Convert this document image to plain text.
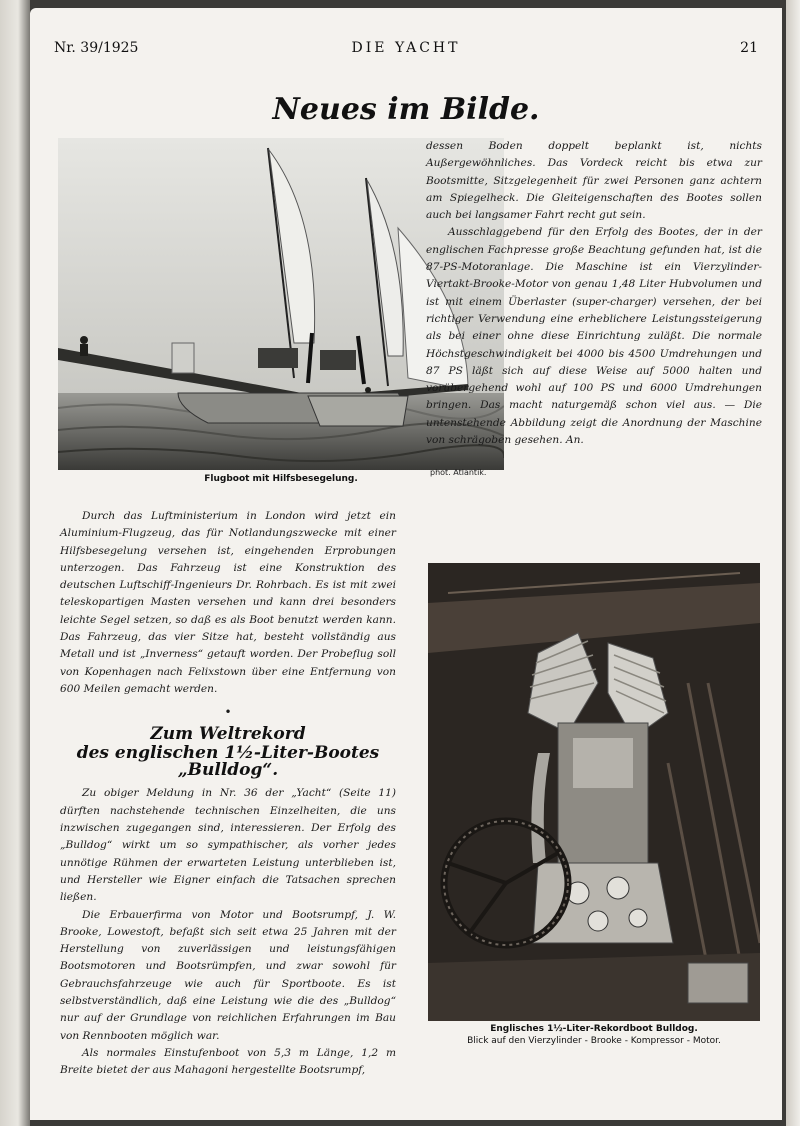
Nr. 39/1925	DIE YACHT	21
Neues im Bilde.
Flugboot mit Hilfsbesegelung.
phot. Atlantik.

Durch das Luftministerium in London wird jetzt ein Aluminium-Flugzeug, das für Notlandungszwecke mit einer Hilfsbesegelung versehen ist, eingehenden Erprobungen unterzogen. Das Fahrzeug ist eine Konstruktion des deutschen Luftschiff-Ingenieurs Dr. Rohrbach. Es ist mit zwei teleskopartigen Masten versehen und kann drei besonders leichte Segel setzen, so daß es als Boot benutzt werden kann. Das Fahrzeug, das vier Sitze hat, besteht vollständig aus Metall und ist „Inverness“ getauft worden. Der Probeflug soll von Kopenhagen nach Felixstown über eine Entfernung von 600 Meilen gemacht werden.

•
Zum Weltrekord
des englischen 1½-Liter-Bootes „Bulldog“.

Zu obiger Meldung in Nr. 36 der „Yacht“ (Seite 11) dürften nachstehende technischen Einzelheiten, die uns inzwischen zugegangen sind, interessieren. Der Erfolg des „Bulldog“ wirkt um so sympathischer, als vorher jedes unnötige Rühmen der erwarteten Leistung unterblieben ist, und Hersteller wie Eigner einfach die Tatsachen sprechen ließen.

Die Erbauerfirma von Motor und Bootsrumpf, J. W. Brooke, Lowestoft, befaßt sich seit etwa 25 Jahren mit der Herstellung von zuverlässigen und leistungsfähigen Bootsmotoren und Bootsrümpfen, und zwar sowohl für Gebrauchsfahrzeuge wie auch für Sportboote. Es ist selbstverständlich, daß eine Leistung wie die des „Bulldog“ nur auf der Grundlage von reichlichen Erfahrungen im Bau von Rennbooten möglich war.

Als normales Einstufenboot von 5,3 m Länge, 1,2 m Breite bietet der aus Mahagoni hergestellte Bootsrumpf,

dessen Boden doppelt beplankt ist, nichts Außergewöhnliches. Das Vordeck reicht bis etwa zur Bootsmitte, Sitzgelegenheit für zwei Personen ganz achtern am Spiegelheck. Die Gleiteigenschaften des Bootes sollen auch bei langsamer Fahrt recht gut sein.

Ausschlaggebend für den Erfolg des Bootes, der in der englischen Fachpresse große Beachtung gefunden hat, ist die 87-PS-Motoranlage. Die Maschine ist ein Vierzylinder-Viertakt-Brooke-Motor von genau 1,48 Liter Hubvolumen und ist mit einem Überlaster (super-charger) versehen, der bei richtiger Verwendung eine erheblichere Leistungssteigerung als bei einer ohne diese Einrichtung zuläßt. Die normale Höchstgeschwindigkeit bei 4000 bis 4500 Umdrehungen und 87 PS läßt sich auf diese Weise auf 5000 halten und vorübergehend wohl auf 100 PS und 6000 Umdrehungen bringen. Das macht naturgemäß schon viel aus. — Die untenstehende Abbildung zeigt die Anordnung der Maschine von schrägoben gesehen. An.

Englisches 1½-Liter-Rekordboot Bulldog.
Blick auf den Vierzylinder - Brooke - Kompressor - Motor.
